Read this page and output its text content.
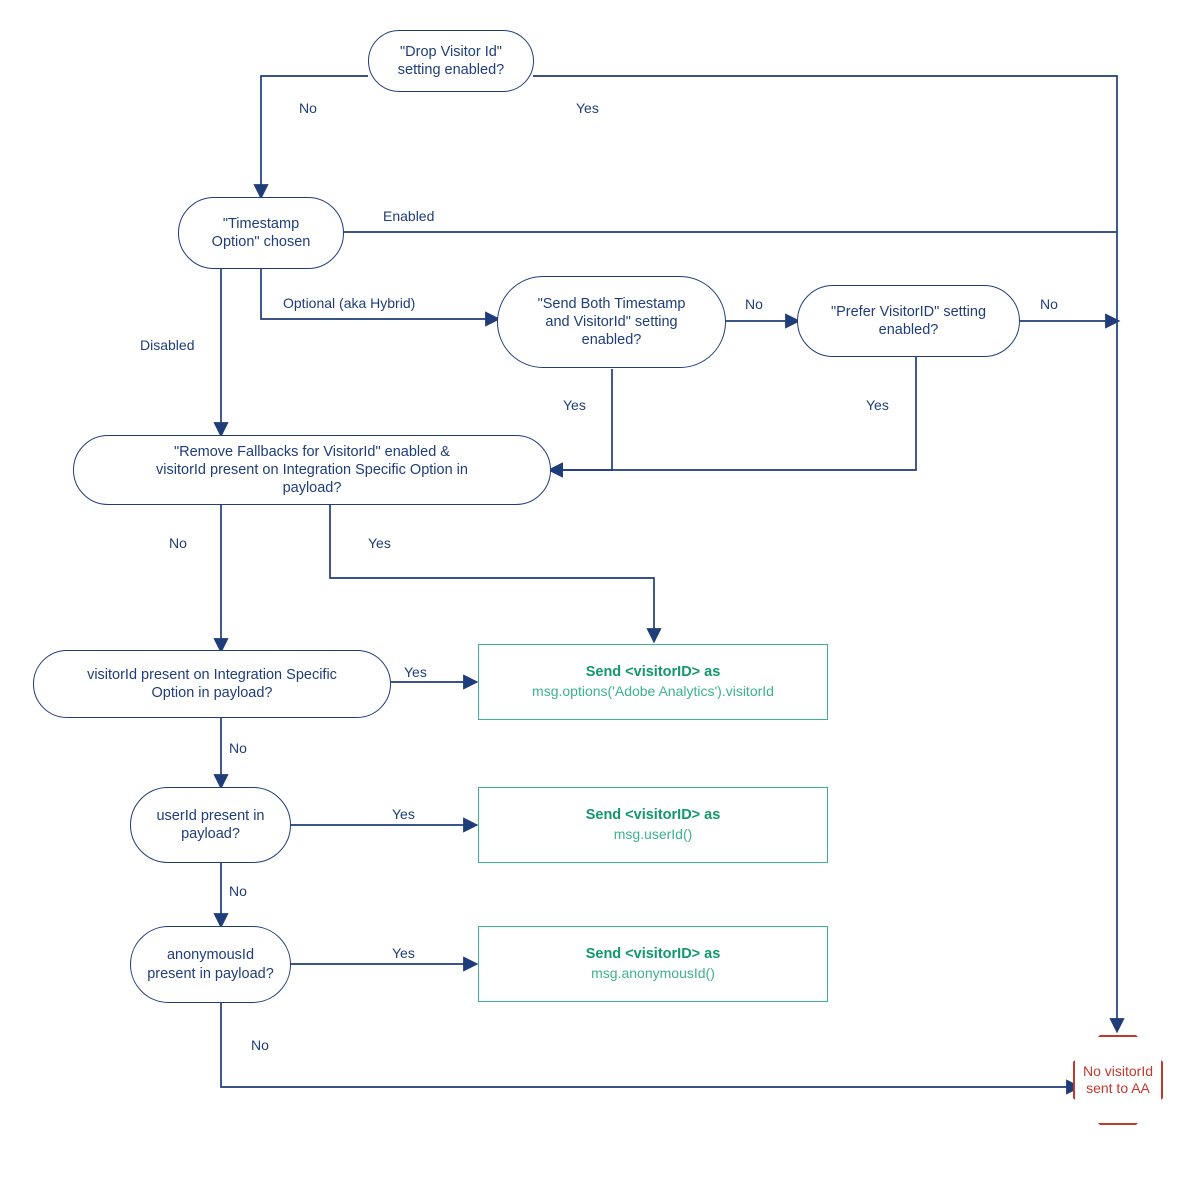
"Drop Visitor Id"
setting enabled?
"Timestamp
Option" chosen
"Send Both Timestamp
and VisitorId" setting
enabled?
"Prefer VisitorID" setting
enabled?
"Remove Fallbacks for VisitorId" enabled &
visitorId present on Integration Specific Option in
payload?
visitorId present on Integration Specific
Option in payload?
userId present in
payload?
anonymousId
present in payload?
Send <visitorID> as
msg.options('Adobe Analytics').visitorId
Send <visitorID> as
msg.userId()
Send <visitorID> as
msg.anonymousId()
No visitorId
sent to AA
No	Yes
Enabled
Optional (aka Hybrid)
Disabled
No
Yes
No
Yes
No	Yes
Yes
No
Yes
No
Yes
No
